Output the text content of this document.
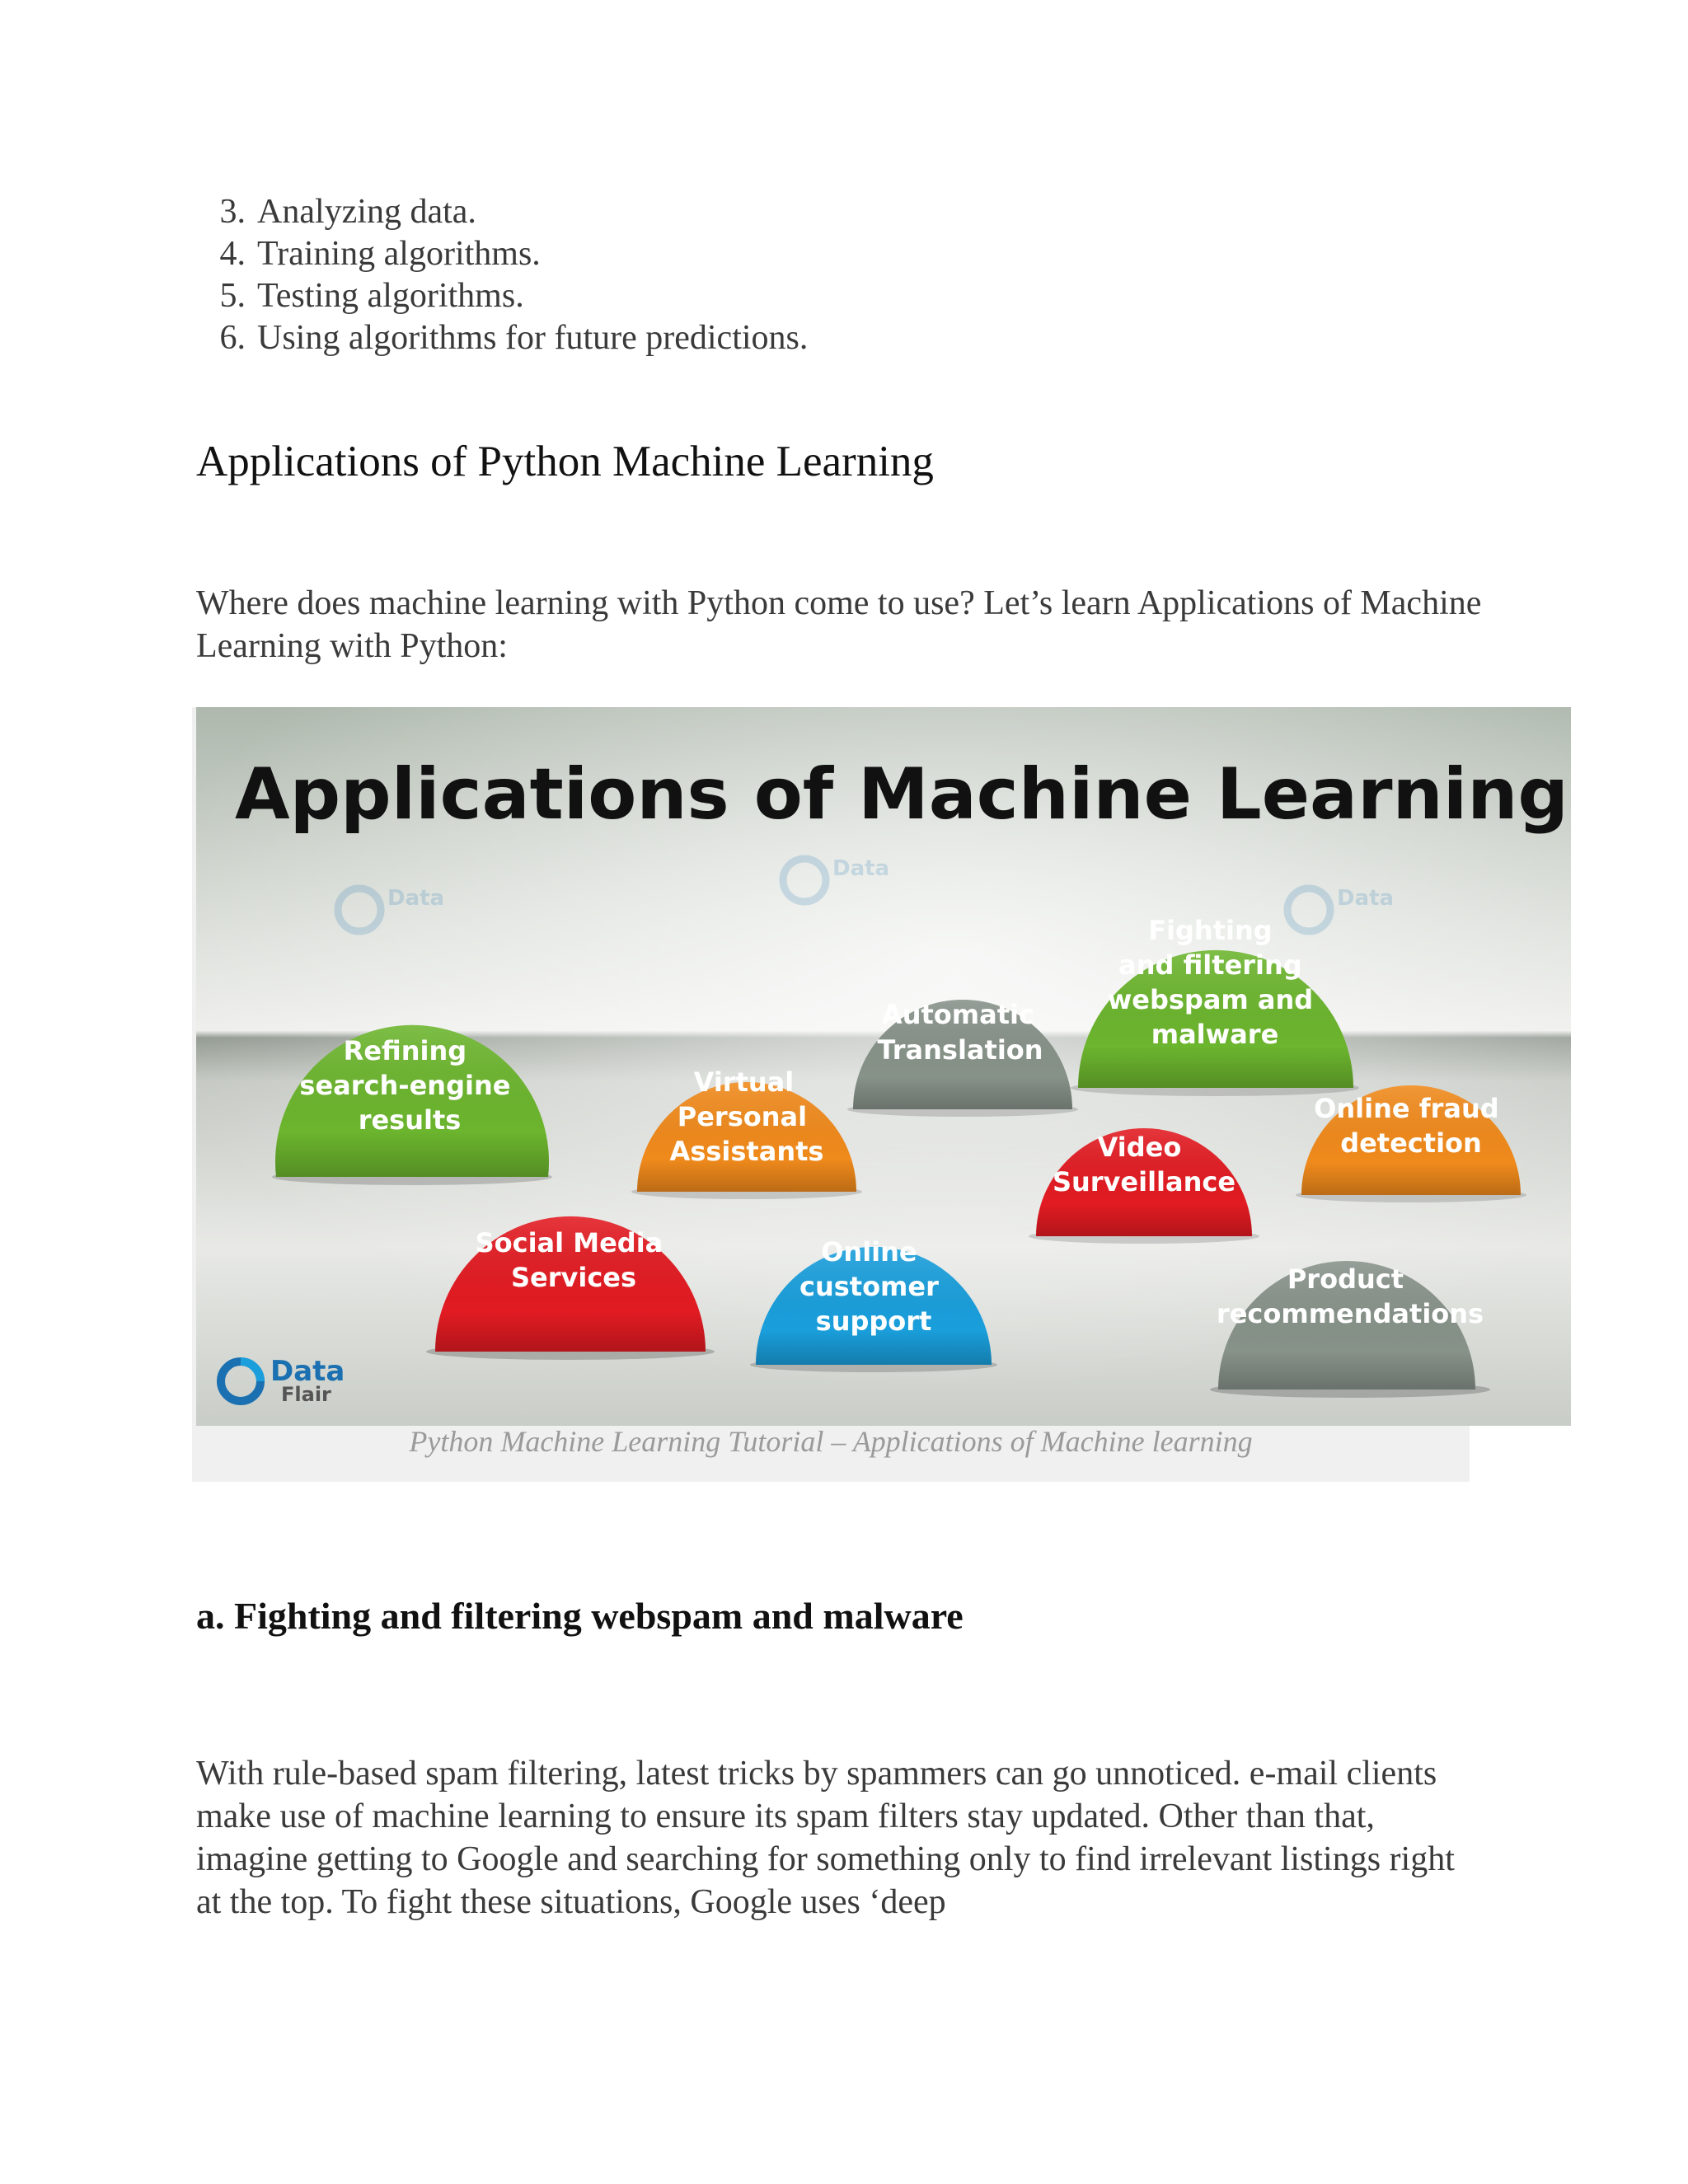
3. Analyzing data.
4. Training algorithms.
5. Testing algorithms.
6. Using algorithms for future predictions.
Applications of Python Machine Learning

Where does machine learning with Python come to use? Let’s learn Applications of Machine Learning with Python:

Applications of Machine Learning
Data
Data
Data
Refining search-engine results
Automatic Translation
Fighting and filtering webspam and malware
Virtual Personal Assistants
Online fraud detection
Video Surveillance
Social Media Services
Online customer support
Product recommendations
Data
Flair
Python Machine Learning Tutorial – Applications of Machine learning
a. Fighting and filtering webspam and malware

With rule-based spam filtering, latest tricks by spammers can go unnoticed. e-mail clients make use of machine learning to ensure its spam filters stay updated. Other than that, imagine getting to Google and searching for something only to find irrelevant listings right at the top. To fight these situations, Google uses ‘deep
